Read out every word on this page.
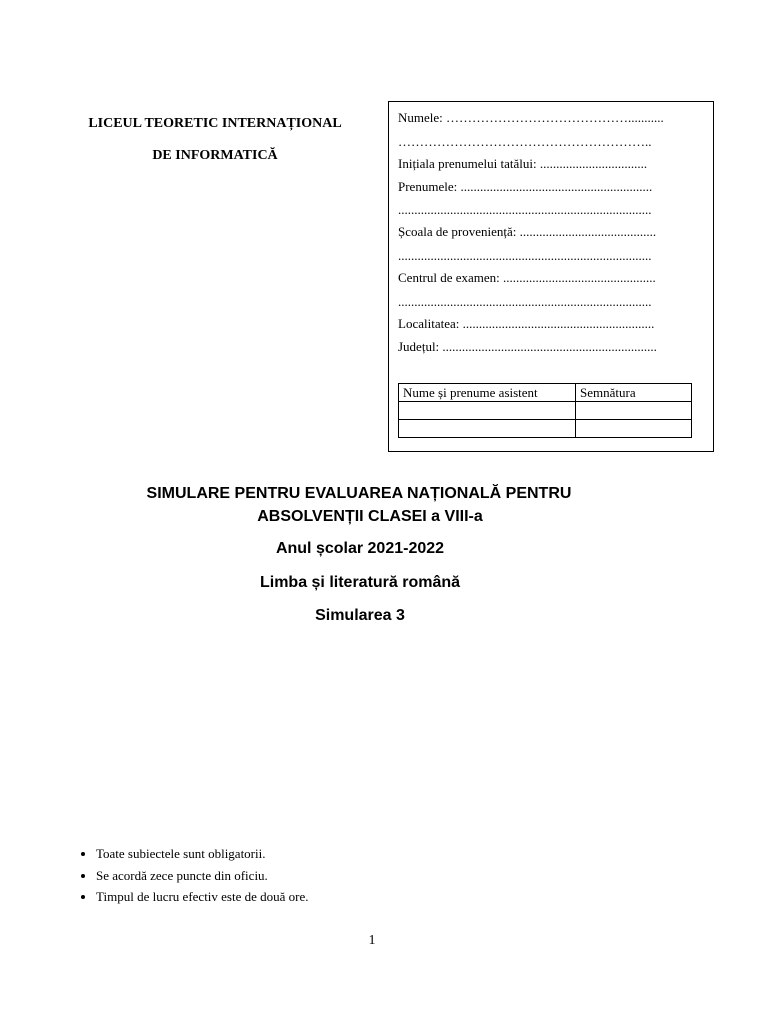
LICEUL TEORETIC INTERNAȚIONAL
DE INFORMATICĂ
Numele: ……………………………………...........
…………………………………………………..
Inițiala prenumelui tatălui: .................................
Prenumele: ...........................................................
..............................................................................
Școala de proveniență: ..........................................
..............................................................................
Centrul de examen: ...............................................
..............................................................................
Localitatea: ...........................................................
Județul: ..................................................................
Nume și prenume asistent	Semnătura

SIMULARE PENTRU EVALUAREA NAȚIONALĂ PENTRU
ABSOLVENȚII CLASEI a VIII-a
Anul școlar 2021-2022
Limba și literatură română
Simularea 3
• Toate subiectele sunt obligatorii.
• Se acordă zece puncte din oficiu.
• Timpul de lucru efectiv este de două ore.
1
